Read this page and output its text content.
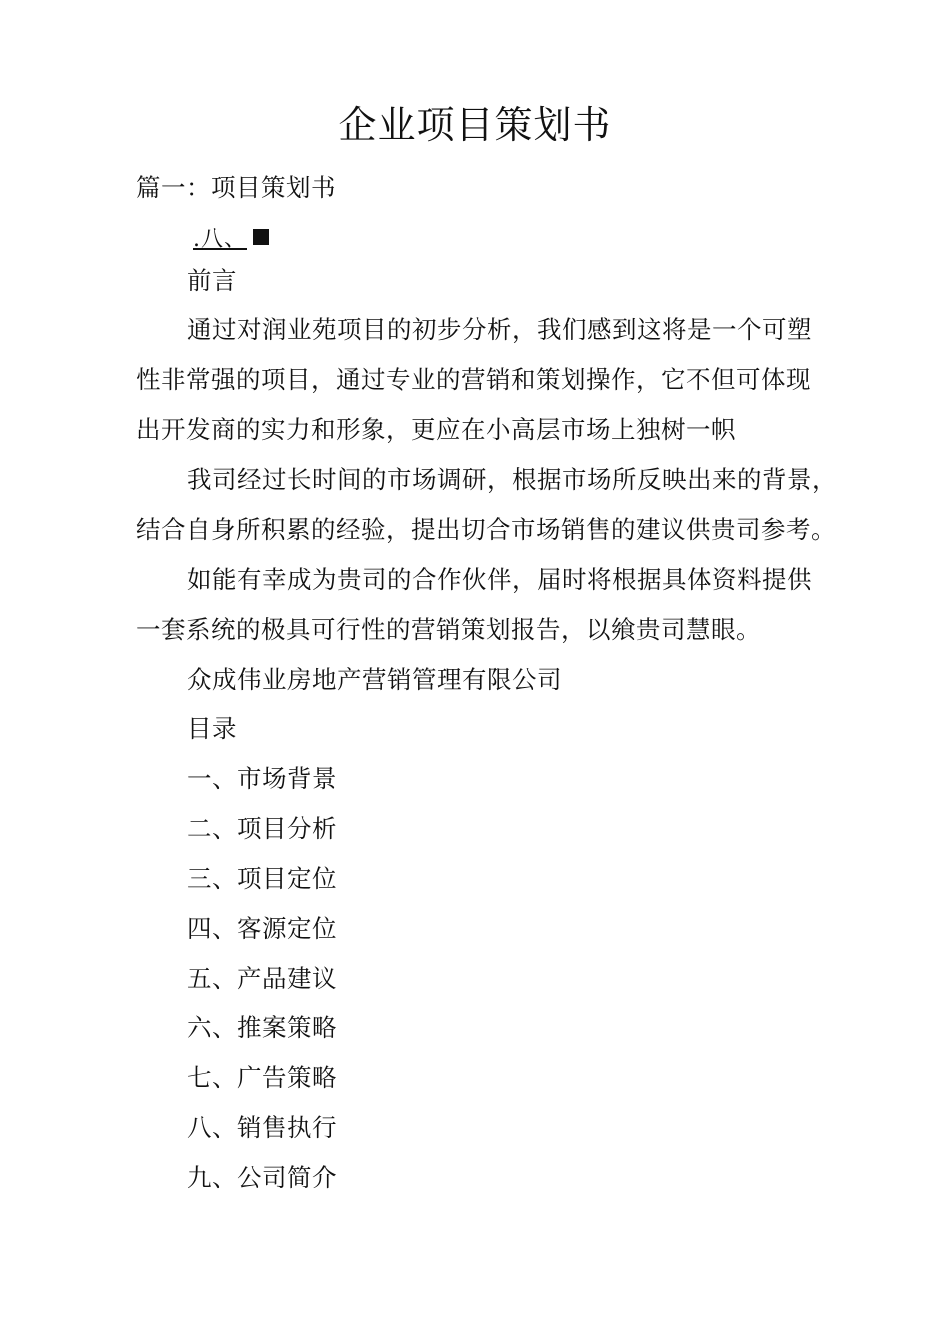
企业项目策划书
篇一：项目策划书
.八、
前言
通过对润业苑项目的初步分析，我们感到这将是一个可塑
性非常强的项目，通过专业的营销和策划操作，它不但可体现
出开发商的实力和形象，更应在小高层市场上独树一帜
我司经过长时间的市场调研，根据市场所反映出来的背景，
结合自身所积累的经验，提出切合市场销售的建议供贵司参考。
如能有幸成为贵司的合作伙伴，届时将根据具体资料提供
一套系统的极具可行性的营销策划报告，以飨贵司慧眼。
众成伟业房地产营销管理有限公司
目录
一、市场背景
二、项目分析
三、项目定位
四、客源定位
五、产品建议
六、推案策略
七、广告策略
八、销售执行
九、公司简介
